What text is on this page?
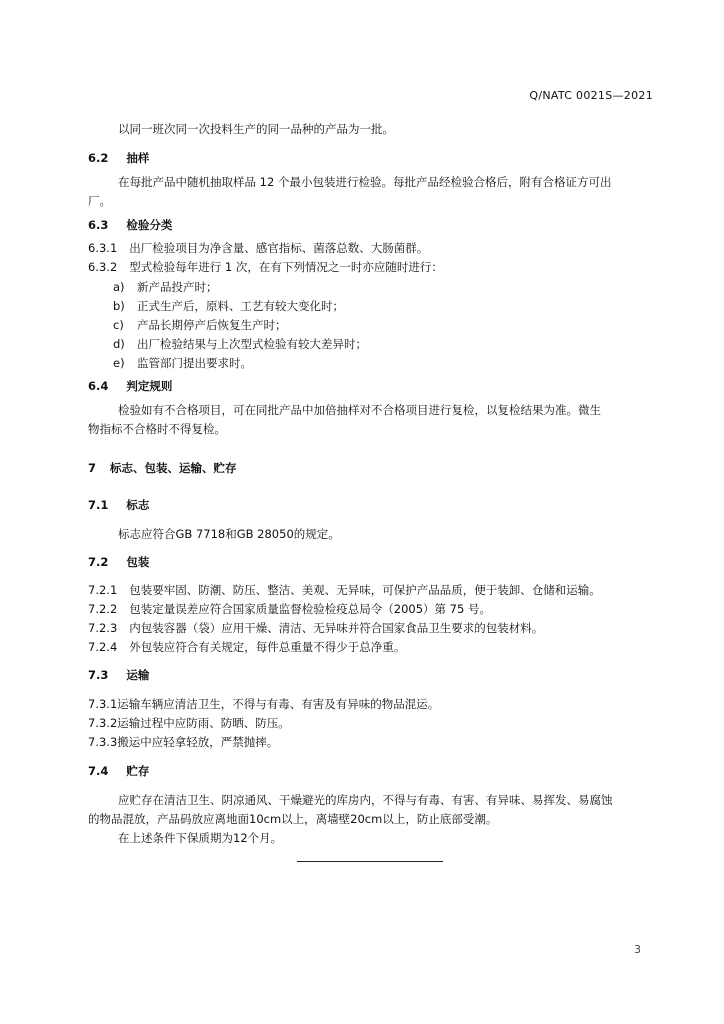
Q/NATC 0021S—2021
以同一班次同一次投料生产的同一品种的产品为一批。
6.2 抽样
在每批产品中随机抽取样品 12 个最小包装进行检验。每批产品经检验合格后，附有合格证方可出
厂。
6.3 检验分类
6.3.1 出厂检验项目为净含量、感官指标、菌落总数、大肠菌群。
6.3.2 型式检验每年进行 1 次，在有下列情况之一时亦应随时进行：
a) 新产品投产时；
b) 正式生产后，原料、工艺有较大变化时；
c) 产品长期停产后恢复生产时；
d) 出厂检验结果与上次型式检验有较大差异时；
e) 监管部门提出要求时。
6.4 判定规则
检验如有不合格项目，可在同批产品中加倍抽样对不合格项目进行复检，以复检结果为准。微生
物指标不合格时不得复检。
7 标志、包装、运输、贮存
7.1 标志
标志应符合GB 7718和GB 28050的规定。
7.2 包装
7.2.1 包装要牢固、防潮、防压、整洁、美观、无异味，可保护产品品质，便于装卸、仓储和运输。
7.2.2 包装定量误差应符合国家质量监督检验检疫总局令（2005）第 75 号。
7.2.3 内包装容器（袋）应用干燥、清洁、无异味并符合国家食品卫生要求的包装材料。
7.2.4 外包装应符合有关规定，每件总重量不得少于总净重。
7.3 运输
7.3.1运输车辆应清洁卫生，不得与有毒、有害及有异味的物品混运。
7.3.2运输过程中应防雨、防晒、防压。
7.3.3搬运中应轻拿轻放，严禁抛摔。
7.4 贮存
应贮存在清洁卫生、阴凉通风、干燥避光的库房内，不得与有毒、有害、有异味、易挥发、易腐蚀
的物品混放，产品码放应离地面10cm以上，离墙壁20cm以上，防止底部受潮。
在上述条件下保质期为12个月。
3
